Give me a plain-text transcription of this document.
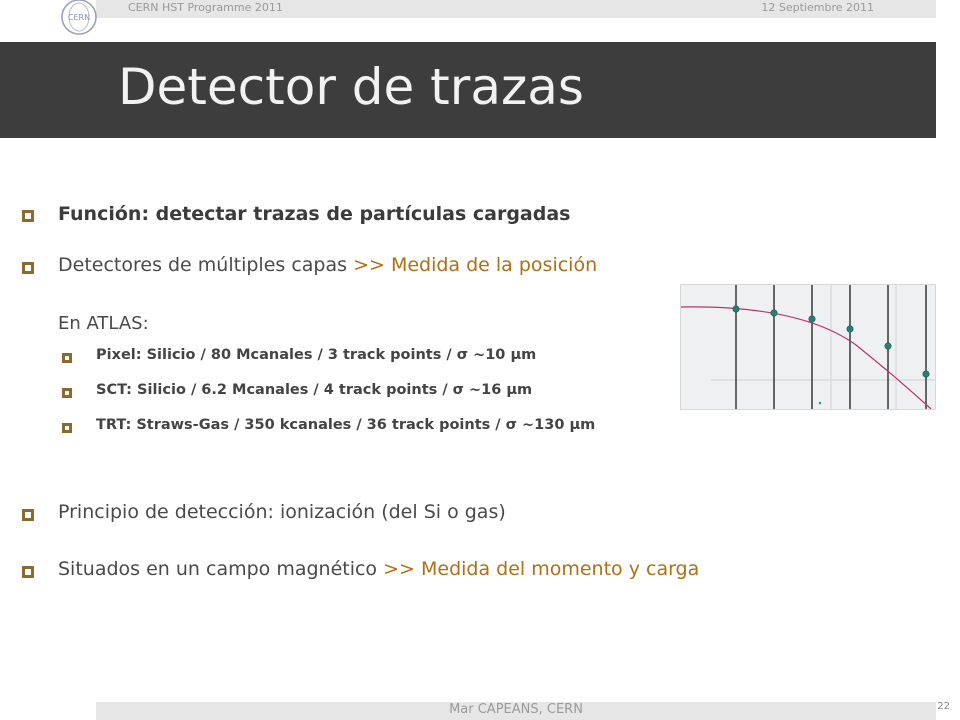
CERN HST Programme 2011	12 Septiembre 2011
CERN
Detector de trazas
Función: detectar trazas de partículas cargadas
Detectores de múltiples capas >> Medida de la posición
En ATLAS:
Pixel: Silicio / 80 Mcanales / 3 track points / σ ~10 µm
SCT: Silicio / 6.2 Mcanales / 4 track points / σ ~16 µm
TRT: Straws-Gas / 350 kcanales / 36 track points / σ ~130 µm
Principio de detección: ionización (del Si o gas)
Situados en un campo magnético >> Medida del momento y carga
Mar CAPEANS, CERN	22
